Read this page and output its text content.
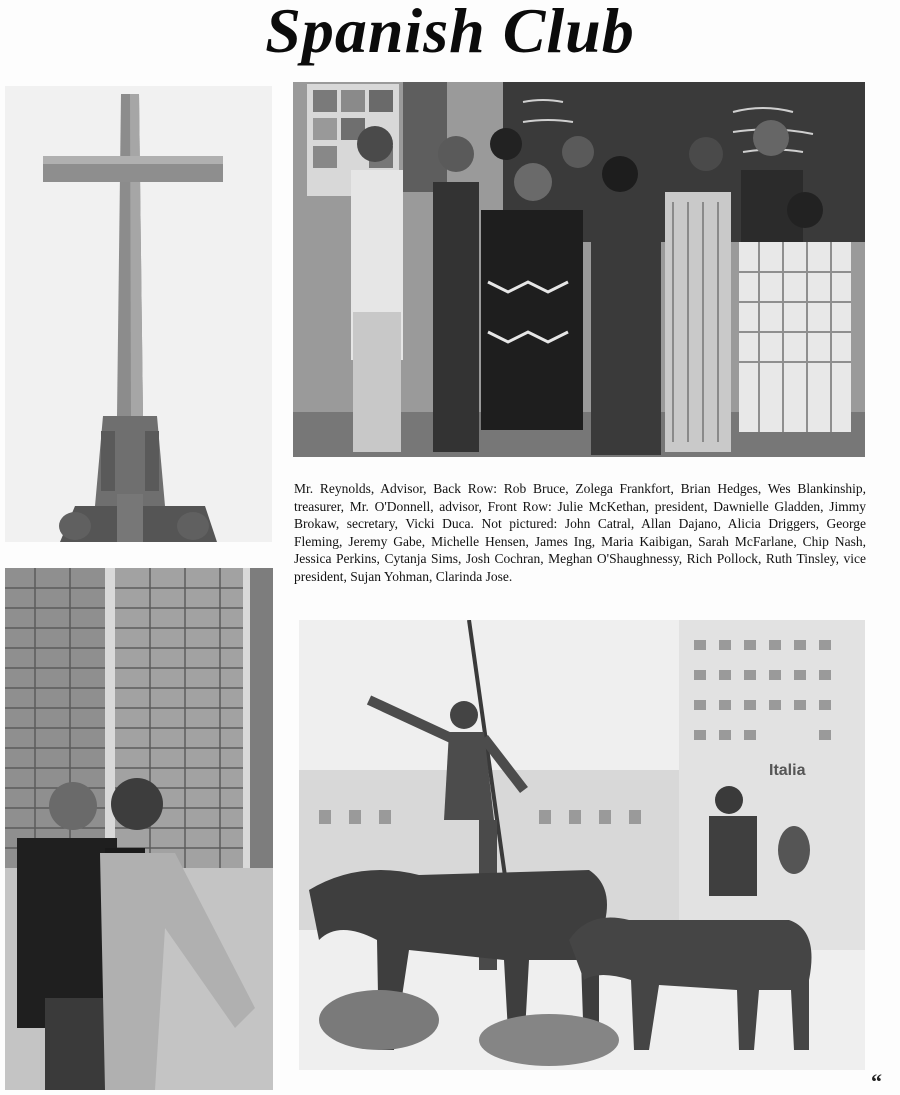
Spanish Club

Mr. Reynolds, Advisor, Back Row: Rob Bruce, Zolega Frankfort, Brian Hedges, Wes Blankinship, treasurer, Mr. O'Donnell, advisor, Front Row: Julie McKethan, president, Dawnielle Gladden, Jimmy Brokaw, secretary, Vicki Duca. Not pictured: John Catral, Allan Dajano, Alicia Driggers, George Fleming, Jeremy Gabe, Michelle Hensen, James Ing, Maria Kaibigan, Sarah McFarlane, Chip Nash, Jessica Perkins, Cytanja Sims, Josh Cochran, Meghan O'Shaughnessy, Rich Pollock, Ruth Tinsley, vice president, Sujan Yohman, Clarinda Jose.

Italia
“
